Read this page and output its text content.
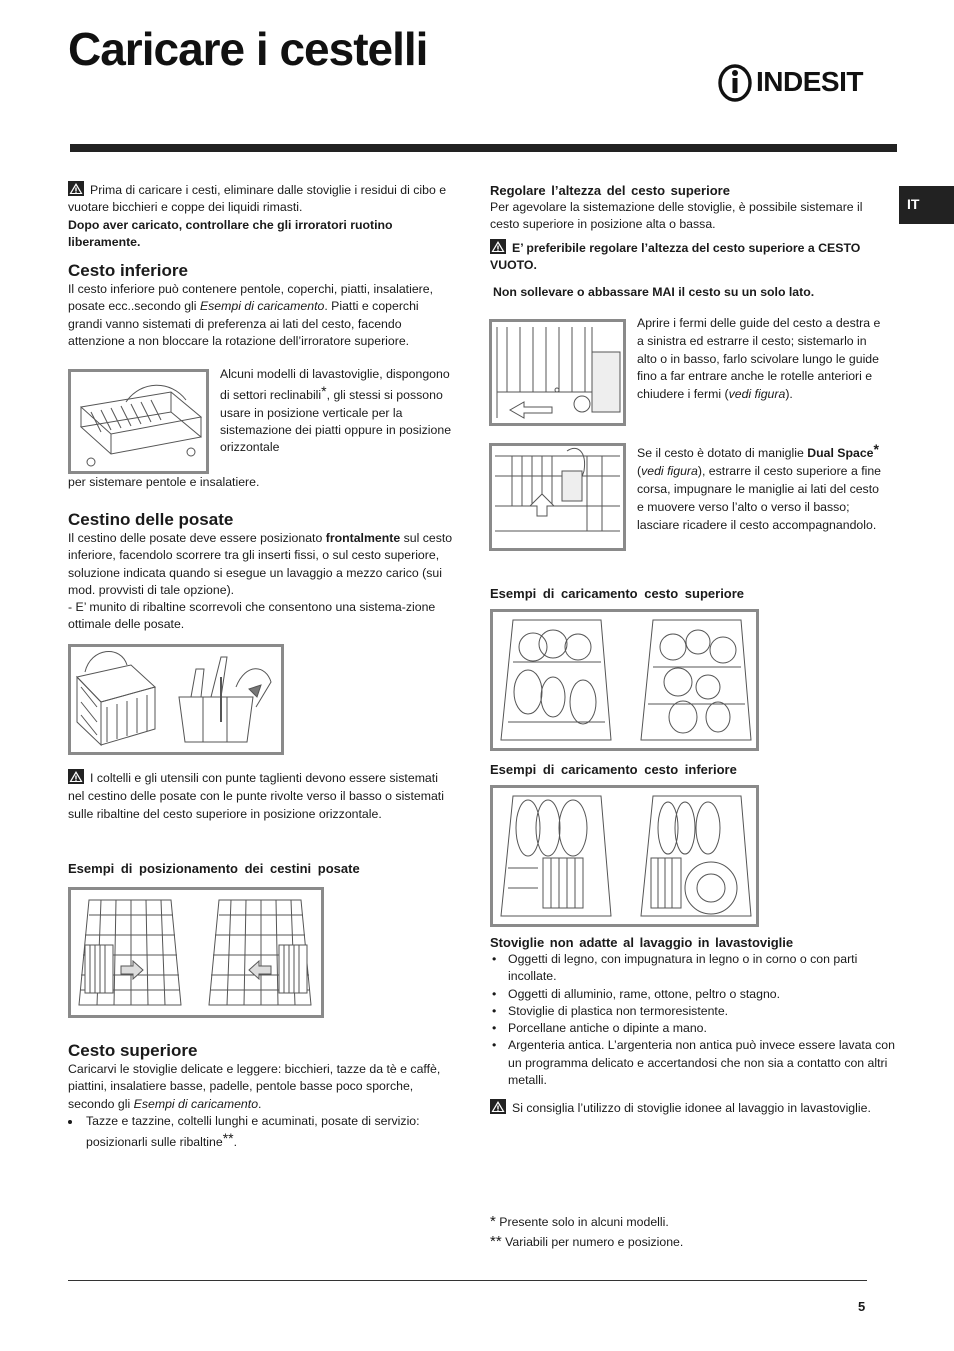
Caricare i cestelli
INDESIT
IT

Prima di caricare i cesti, eliminare dalle stoviglie i residui di cibo e vuotare bicchieri e coppe dei liquidi rimasti.

Dopo aver caricato, controllare che gli irroratori ruotino liberamente.

Cesto inferiore

Il cesto inferiore può contenere pentole, coperchi, piatti, insalatiere, posate ecc..secondo gli Esempi di caricamento. Piatti e coperchi grandi vanno sistemati di preferenza ai lati del cesto, facendo attenzione a non bloccare la rotazione dell’irroratore superiore.

Alcuni modelli di lavastoviglie, dispongono di settori reclinabili*, gli stessi si possono usare in posizione verticale per la sistemazione dei piatti oppure in posizione orizzontale

per sistemare pentole e insalatiere.

Cestino delle posate

Il cestino delle posate deve essere posizionato frontalmente sul cesto inferiore, facendolo scorrere tra gli inserti fissi, o sul cesto superiore, soluzione indicata quando si esegue un lavaggio a mezzo carico (sui mod. provvisti di tale opzione).

- E’ munito di ribaltine scorrevoli che consentono una sistema-zione ottimale delle posate.

I coltelli e gli utensili con punte taglienti devono essere sistemati nel cestino delle posate con le punte rivolte verso il basso o sistemati sulle ribaltine del cesto superiore in posizione orizzontale.

Esempi di posizionamento dei cestini posate

Cesto superiore

Caricarvi le stoviglie delicate e leggere: bicchieri, tazze da tè e caffè, piattini, insalatiere basse, padelle, pentole basse poco sporche, secondo gli Esempi di caricamento.

• Tazze e tazzine, coltelli lunghi e acuminati, posate di servizio: posizionarli sulle ribaltine**.

Regolare l’altezza del cesto superiore

Per agevolare la sistemazione delle stoviglie, è possibile sistemare il cesto superiore in posizione alta o bassa.

E’ preferibile regolare l’altezza del cesto superiore a CESTO VUOTO.

Non sollevare o abbassare MAI il cesto su un solo lato.

Aprire i fermi delle guide del cesto a destra e a sinistra ed estrarre il cesto; sistemarlo in alto o in basso, farlo scivolare lungo le guide fino a far entrare anche le rotelle anteriori e chiudere i fermi (vedi figura).

Se il cesto è dotato di maniglie Dual Space* (vedi figura), estrarre il cesto superiore a fine corsa, impugnare le maniglie ai lati del cesto e muovere verso l’alto o verso il basso; lasciare ricadere il cesto accompagnandolo.

Esempi di caricamento cesto superiore

Esempi di caricamento cesto inferiore

Stoviglie non adatte al lavaggio in lavastoviglie

• Oggetti di legno, con impugnatura in legno o in corno o con parti incollate.
• Oggetti di alluminio, rame, ottone, peltro o stagno.
• Stoviglie di plastica non termoresistente.
• Porcellane antiche o dipinte a mano.
• Argenteria antica. L’argenteria non antica può invece essere lavata con un programma delicato e accertandosi che non sia a contatto con altri metalli.

Si consiglia l’utilizzo di stoviglie idonee al lavaggio in lavastoviglie.

* Presente solo in alcuni modelli.

** Variabili per numero e posizione.

5
